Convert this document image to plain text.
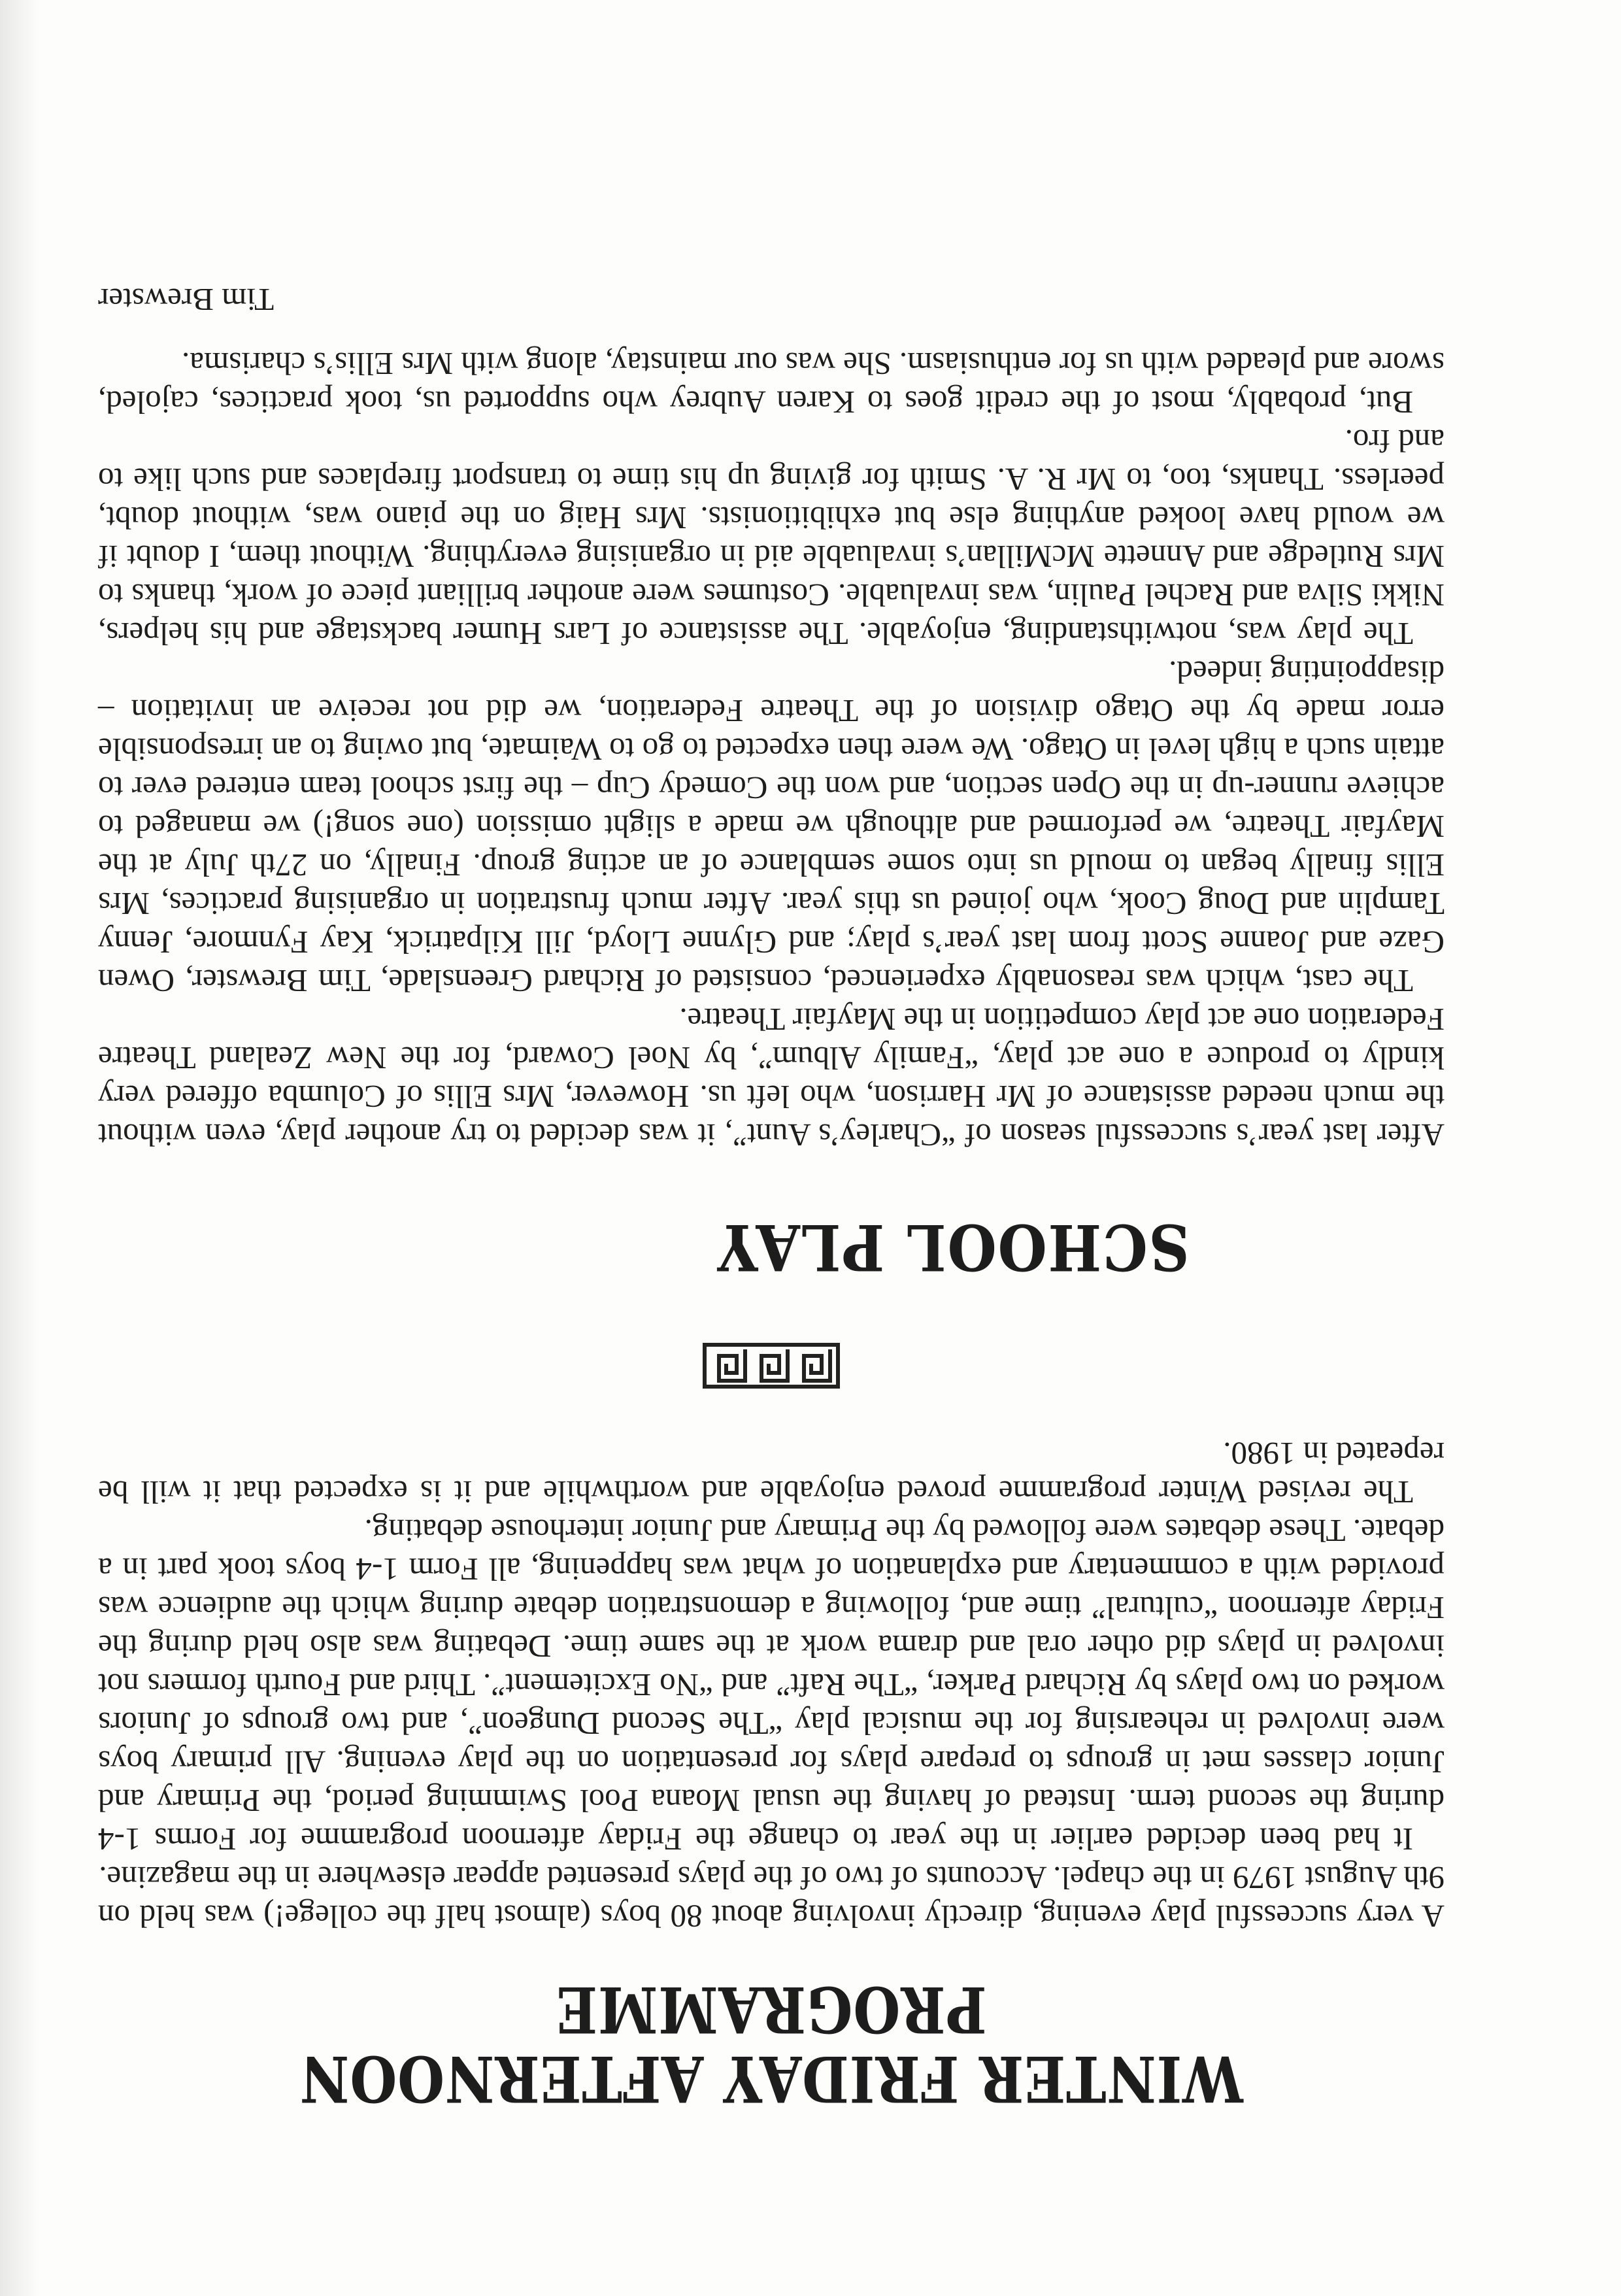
WINTER FRIDAY AFTERNOON PROGRAMME

A very successful play evening, directly involving about 80 boys (almost half the college!) was held on 9th August 1979 in the chapel. Accounts of two of the plays presented appear elsewhere in the magazine.

It had been decided earlier in the year to change the Friday afternoon programme for Forms 1-4 during the second term. Instead of having the usual Moana Pool Swimming period, the Primary and Junior classes met in groups to prepare plays for presentation on the play evening. All primary boys were involved in rehearsing for the musical play “The Second Dungeon”, and two groups of Juniors worked on two plays by Richard Parker, “The Raft” and “No Excitement”. Third and Fourth formers not involved in plays did other oral and drama work at the same time. Debating was also held during the Friday afternoon “cultural” time and, following a demonstration debate during which the audience was provided with a commentary and explanation of what was happening, all Form 1-4 boys took part in a debate. These debates were followed by the Primary and Junior interhouse debating.

The revised Winter programme proved enjoyable and worthwhile and it is expected that it will be repeated in 1980.

SCHOOL PLAY

After last year’s successful season of “Charley’s Aunt”, it was decided to try another play, even without the much needed assistance of Mr Harrison, who left us. However, Mrs Ellis of Columba offered very kindly to produce a one act play, “Family Album”, by Noel Coward, for the New Zealand Theatre Federation one act play competition in the Mayfair Theatre.

The cast, which was reasonably experienced, consisted of Richard Greenslade, Tim Brewster, Owen Gaze and Joanne Scott from last year’s play; and Glynne Lloyd, Jill Kilpatrick, Kay Fynmore, Jenny Tamplin and Doug Cook, who joined us this year. After much frustration in organising practices, Mrs Ellis finally began to mould us into some semblance of an acting group. Finally, on 27th July at the Mayfair Theatre, we performed and although we made a slight omission (one song!) we managed to achieve runner-up in the Open section, and won the Comedy Cup – the first school team entered ever to attain such a high level in Otago. We were then expected to go to Waimate, but owing to an irresponsible error made by the Otago division of the Theatre Federation, we did not receive an invitation – disappointing indeed.

The play was, notwithstanding, enjoyable. The assistance of Lars Humer backstage and his helpers, Nikki Silva and Rachel Paulin, was invaluable. Costumes were another brilliant piece of work, thanks to Mrs Rutledge and Annette McMillan’s invaluable aid in organising everything. Without them, I doubt if we would have looked anything else but exhibitionists. Mrs Haig on the piano was, without doubt, peerless. Thanks, too, to Mr R. A. Smith for giving up his time to transport fireplaces and such like to and fro.

But, probably, most of the credit goes to Karen Aubrey who supported us, took practices, cajoled, swore and pleaded with us for enthusiasm. She was our mainstay, along with Mrs Ellis’s charisma.

Tim Brewster
